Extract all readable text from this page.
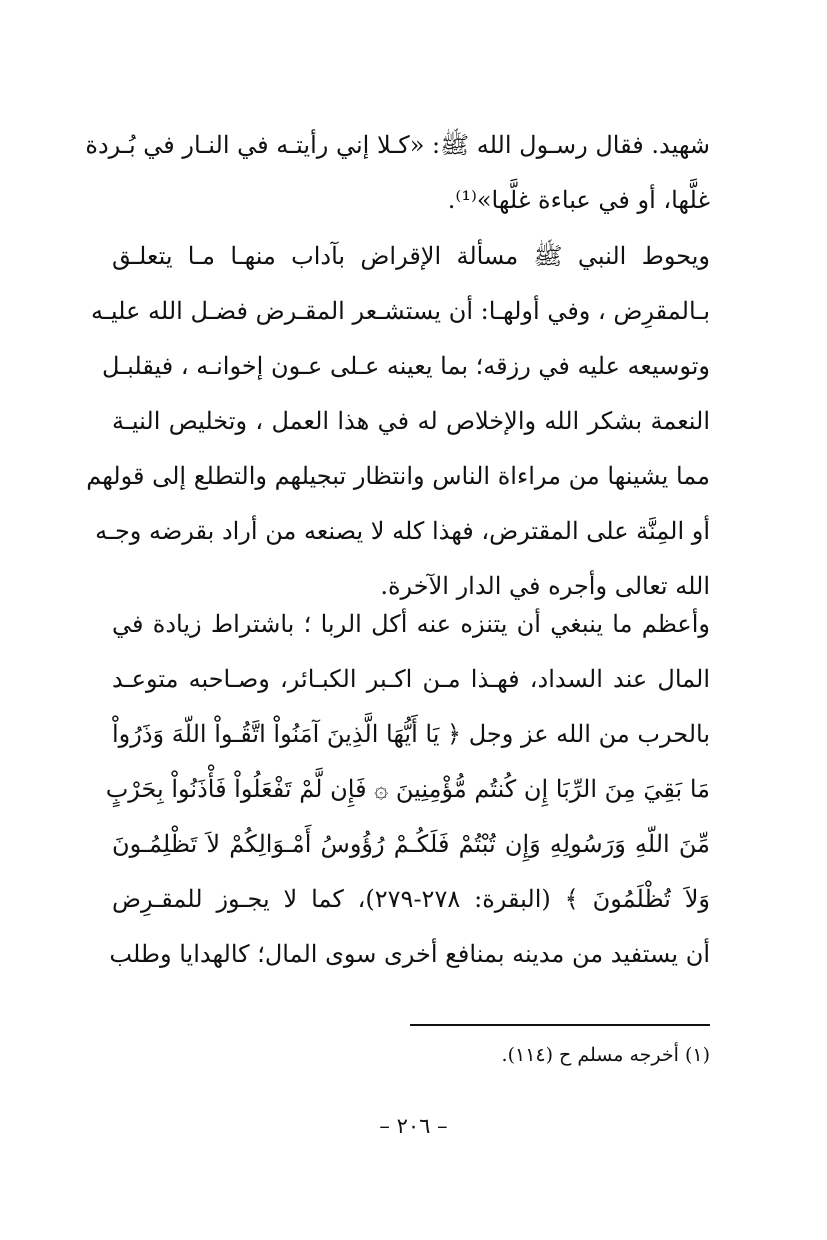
شهيد. فقال رسـول الله ﷺ: «كـلا إني رأيتـه في النـار في بُـردة
غلَّها، أو في عباءة غلَّها»⁽¹⁾.
ويحوط النبي ﷺ مسألة الإقراض بآداب منهـا مـا يتعلـق
بـالمقرِض ، وفي أولهـا: أن يستشـعر المقـرض فضـل الله عليـه
وتوسيعه عليه في رزقه؛ بما يعينه عـلى عـون إخوانـه ، فيقلبـل
النعمة بشكر الله والإخلاص له في هذا العمل ، وتخليص النيـة
مما يشينها من مراءاة الناس وانتظار تبجيلهم والتطلع إلى قولهم
أو المِنَّة على المقترض، فهذا كله لا يصنعه من أراد بقرضه وجـه
الله تعالى وأجره في الدار الآخرة.
وأعظم ما ينبغي أن يتنزه عنه أكل الربا ؛ باشتراط زيادة في
المال عند السداد، فهـذا مـن اكـبر الكبـائر، وصـاحبه متوعـد
بالحرب من الله عز وجل ﴿ يَا أَيُّهَا الَّذِينَ آمَنُواْ اتَّقُـواْ اللّهَ وَذَرُواْ
مَا بَقِيَ مِنَ الرِّبَا إِن كُنتُم مُّؤْمِنِينَ ۞ فَإِن لَّمْ تَفْعَلُواْ فَأْذَنُواْ بِحَرْبٍ
مِّنَ اللّهِ وَرَسُولِهِ وَإِن تُبْتُمْ فَلَكُـمْ رُؤُوسُ أَمْـوَالِكُمْ لاَ تَظْلِمُـونَ
وَلاَ تُظْلَمُونَ ﴾ (البقرة: ٢٧٨-٢٧٩)، كما لا يجـوز للمقـرِض
أن يستفيد من مدينه بمنافع أخرى سوى المال؛ كالهدايا وطلب
(١) أخرجه مسلم ح (١١٤).
– ٢٠٦ –
